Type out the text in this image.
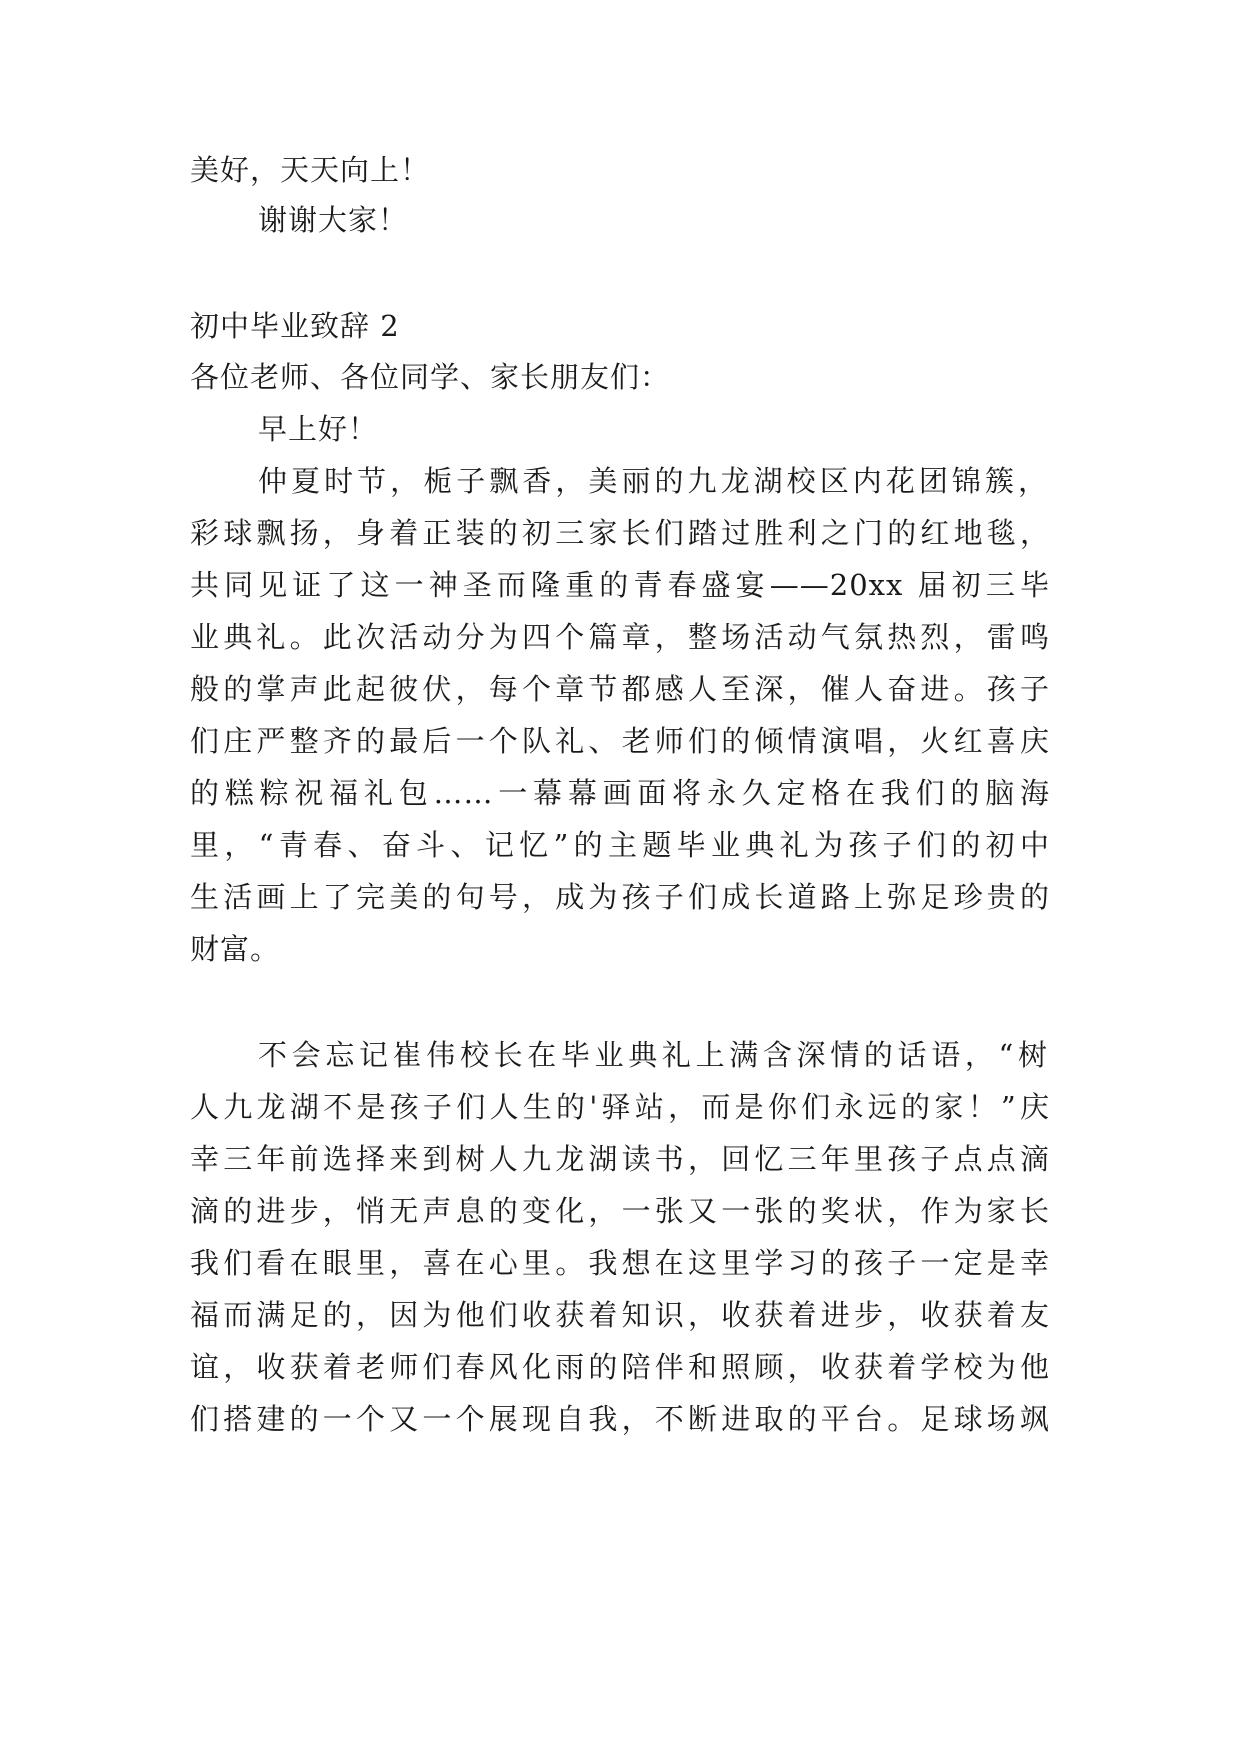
美好，天天向上！
谢谢大家！
初中毕业致辞 2
各位老师、各位同学、家长朋友们：
早上好！
仲夏时节，栀子飘香，美丽的九龙湖校区内花团锦簇，
彩球飘扬，身着正装的初三家长们踏过胜利之门的红地毯，
共同见证了这一神圣而隆重的青春盛宴——20xx 届初三毕
业典礼。此次活动分为四个篇章，整场活动气氛热烈，雷鸣
般的掌声此起彼伏，每个章节都感人至深，催人奋进。孩子
们庄严整齐的最后一个队礼、老师们的倾情演唱，火红喜庆
的糕粽祝福礼包……一幕幕画面将永久定格在我们的脑海
里，“青春、奋斗、记忆”的主题毕业典礼为孩子们的初中
生活画上了完美的句号，成为孩子们成长道路上弥足珍贵的
财富。
不会忘记崔伟校长在毕业典礼上满含深情的话语，“树
人九龙湖不是孩子们人生的'驿站，而是你们永远的家！”庆
幸三年前选择来到树人九龙湖读书，回忆三年里孩子点点滴
滴的进步，悄无声息的变化，一张又一张的奖状，作为家长
我们看在眼里，喜在心里。我想在这里学习的孩子一定是幸
福而满足的，因为他们收获着知识，收获着进步，收获着友
谊，收获着老师们春风化雨的陪伴和照顾，收获着学校为他
们搭建的一个又一个展现自我，不断进取的平台。足球场飒
